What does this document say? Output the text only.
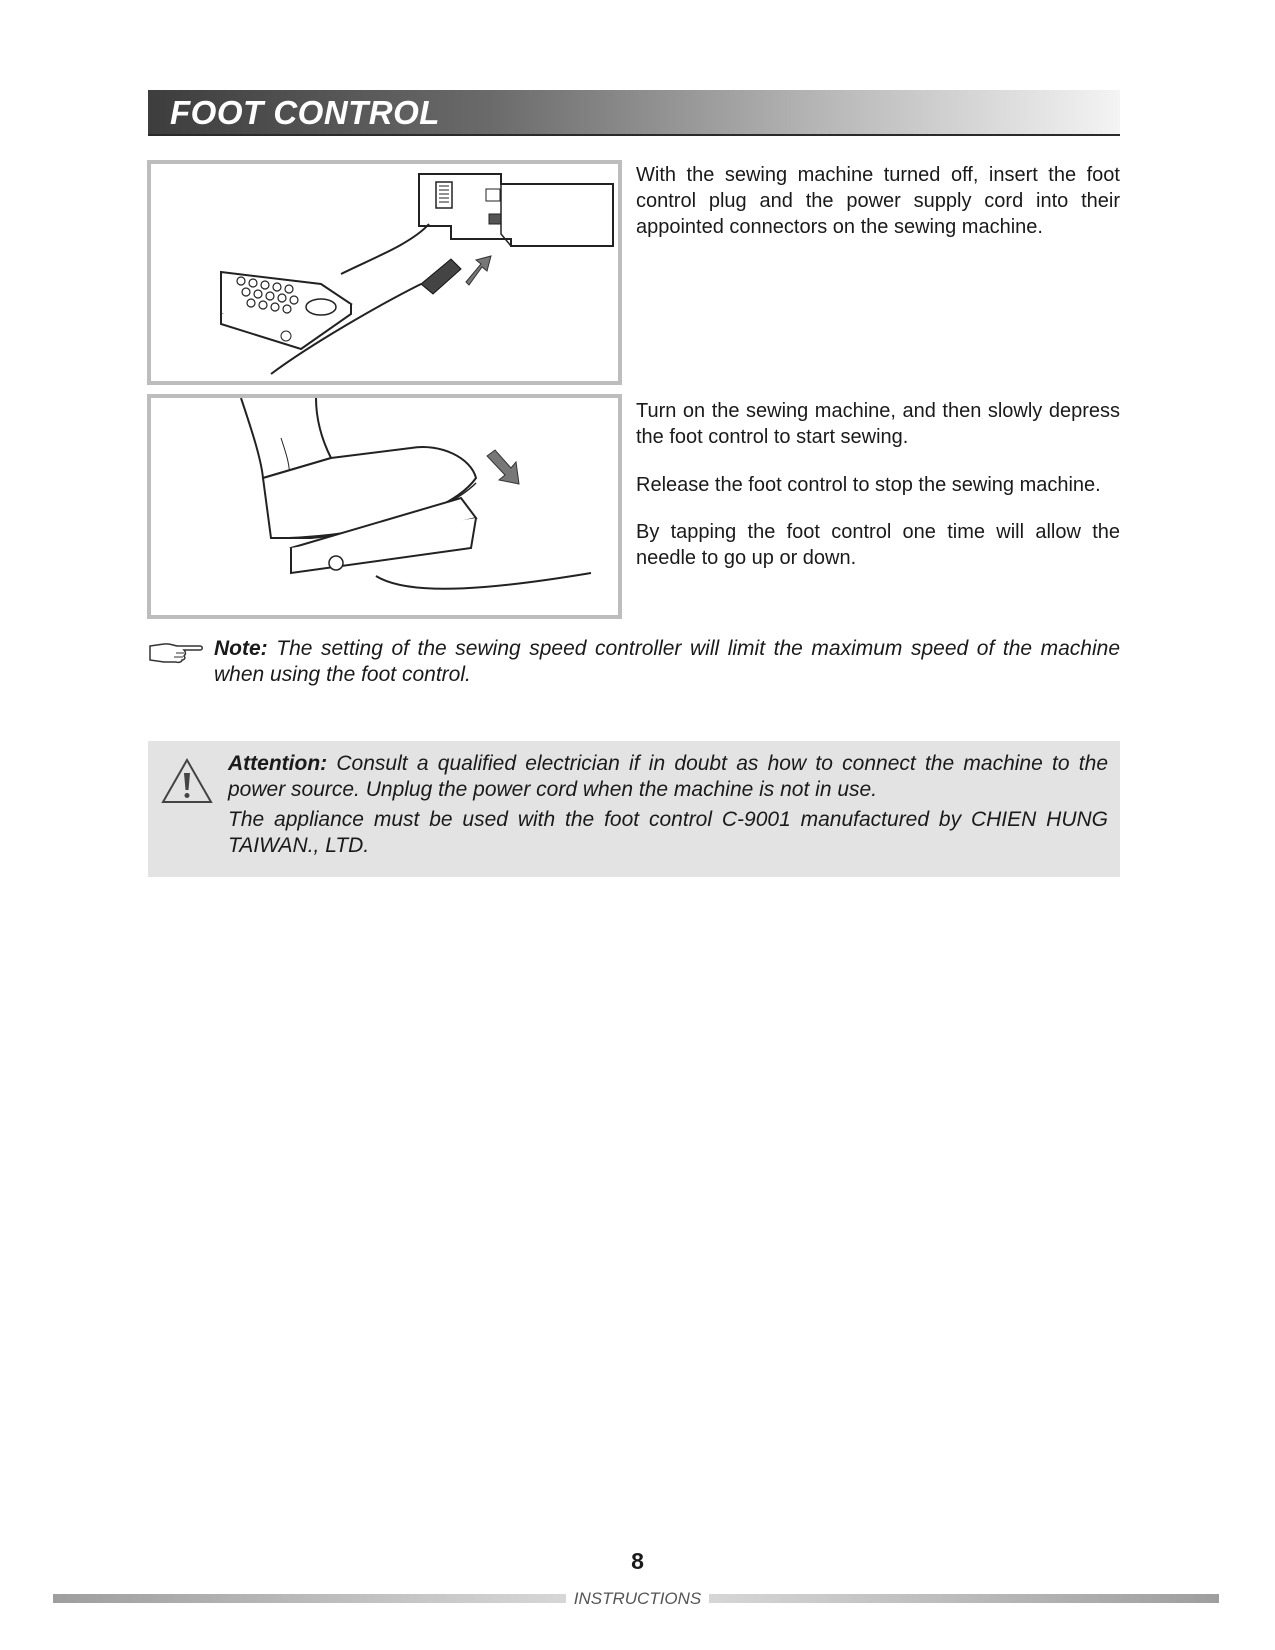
FOOT CONTROL
With the sewing machine turned off, insert the foot control plug and the power supply cord into their appointed connectors on the sewing machine.

Turn on the sewing machine, and then slowly depress the foot control to start sewing.

Release the foot control to stop the sewing machine.

By tapping the foot control one time will allow the needle to go up or down.

Note: The setting of the sewing speed controller will limit the maximum speed of the machine when using the foot control.

Attention: Consult a qualified electrician if in doubt as how to connect the machine to the power source. Unplug the power cord when the machine is not in use.

The appliance must be used with the foot control C-9001 manufactured by CHIEN HUNG TAIWAN., LTD.

8
INSTRUCTIONS
